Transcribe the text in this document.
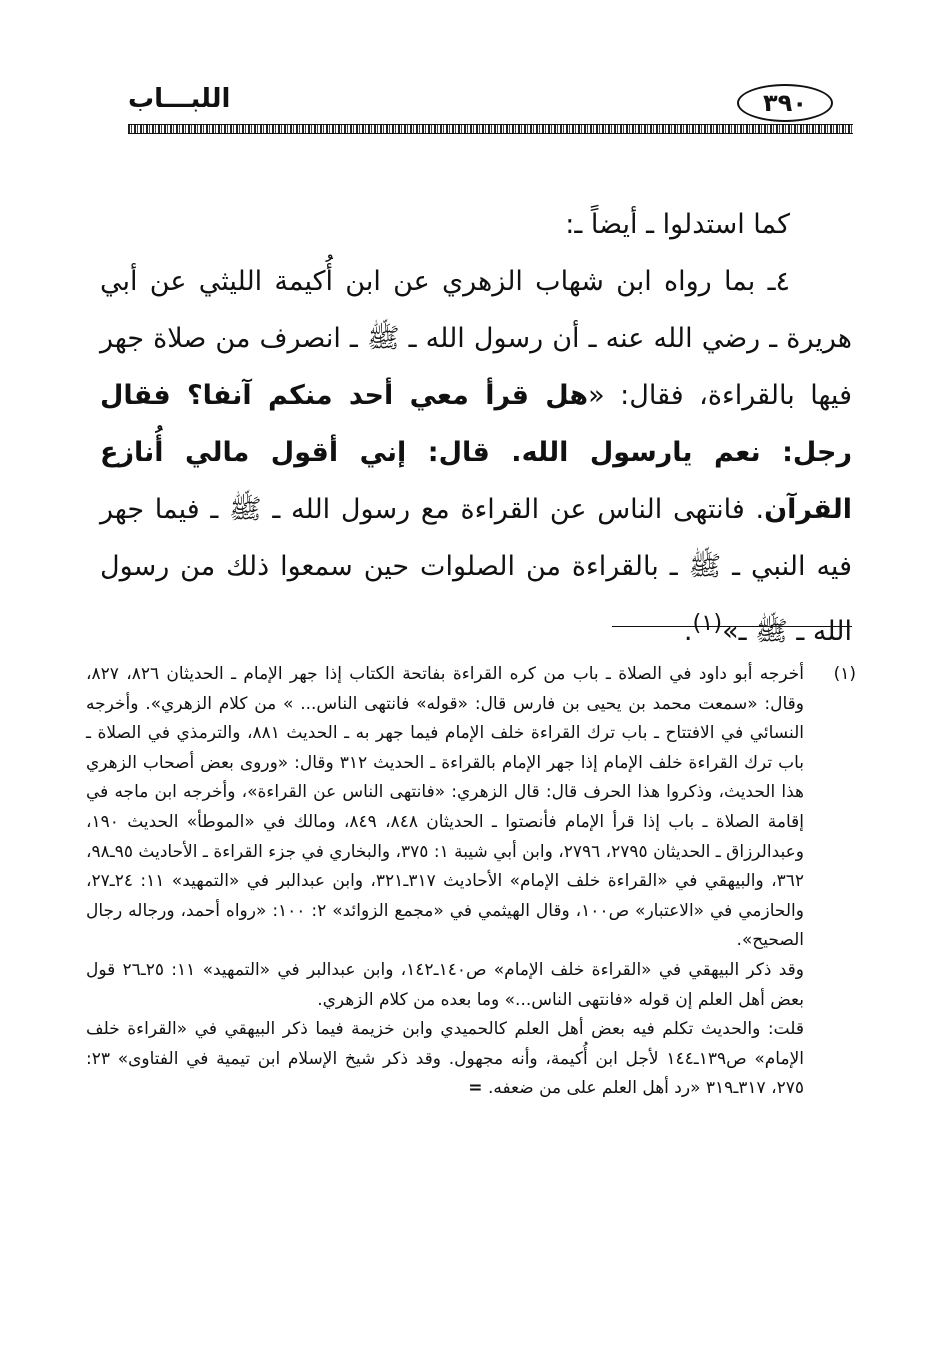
اللبـــاب	٣٩٠

كما استدلوا ـ أيضاً ـ:

٤ـ بما رواه ابن شهاب الزهري عن ابن أُكيمة الليثي عن أبي هريرة ـ رضي الله عنه ـ أن رسول الله ـ ﷺ ـ انصرف من صلاة جهر فيها بالقراءة، فقال: «هل قرأ معي أحد منكم آنفا؟ فقال رجل: نعم يارسول الله. قال: إني أقول مالي أُنازع القرآن. فانتهى الناس عن القراءة مع رسول الله ـ ﷺ ـ فيما جهر فيه النبي ـ ﷺ ـ بالقراءة من الصلوات حين سمعوا ذلك من رسول الله ـ ﷺ ـ»$^{(١)}$.

(١)

أخرجه أبو داود في الصلاة ـ باب من كره القراءة بفاتحة الكتاب إذا جهر الإمام ـ الحديثان ٨٢٦، ٨٢٧، وقال: «سمعت محمد بن يحيى بن فارس قال: «قوله» فانتهى الناس... » من كلام الزهري». وأخرجه النسائي في الافتتاح ـ باب ترك القراءة خلف الإمام فيما جهر به ـ الحديث ٨٨١، والترمذي في الصلاة ـ باب ترك القراءة خلف الإمام إذا جهر الإمام بالقراءة ـ الحديث ٣١٢ وقال: «وروى بعض أصحاب الزهري هذا الحديث، وذكروا هذا الحرف قال: قال الزهري: «فانتهى الناس عن القراءة»، وأخرجه ابن ماجه في إقامة الصلاة ـ باب إذا قرأ الإمام فأنصتوا ـ الحديثان ٨٤٨، ٨٤٩، ومالك في «الموطأ» الحديث ١٩٠، وعبدالرزاق ـ الحديثان ٢٧٩٥، ٢٧٩٦، وابن أبي شيبة ١: ٣٧٥، والبخاري في جزء القراءة ـ الأحاديث ٩٥ـ٩٨، ٣٦٢، والبيهقي في «القراءة خلف الإمام» الأحاديث ٣١٧ـ٣٢١، وابن عبدالبر في «التمهيد» ١١: ٢٤ـ٢٧، والحازمي في «الاعتبار» ص١٠٠، وقال الهيثمي في «مجمع الزوائد» ٢: ١٠٠: «رواه أحمد، ورجاله رجال الصحيح».

وقد ذكر البيهقي في «القراءة خلف الإمام» ص١٤٠ـ١٤٢، وابن عبدالبر في «التمهيد» ١١: ٢٥ـ٢٦ قول بعض أهل العلم إن قوله «فانتهى الناس...» وما بعده من كلام الزهري.

قلت: والحديث تكلم فيه بعض أهل العلم كالحميدي وابن خزيمة فيما ذكر البيهقي في «القراءة خلف الإمام» ص١٣٩ـ١٤٤ لأجل ابن أُكيمة، وأنه مجهول. وقد ذكر شيخ الإسلام ابن تيمية في الفتاوى» ٢٣: ٢٧٥، ٣١٧ـ٣١٩ «رد أهل العلم على من ضعفه. =
